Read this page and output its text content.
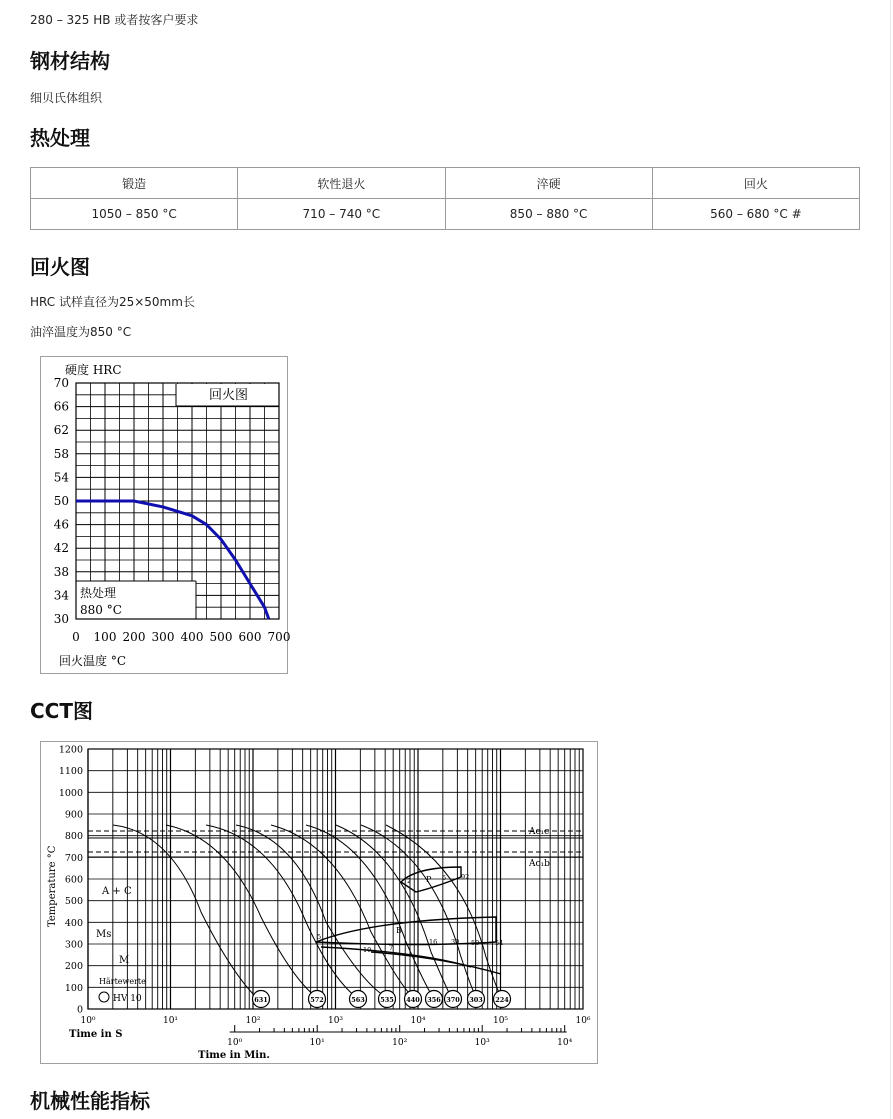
280 – 325 HB 或者按客户要求
钢材结构
细贝氏体组织
热处理
锻造	软性退火	淬硬	回火
1050 – 850 °C	710 – 740 °C	850 – 880 °C	560 – 680 °C #
回火图
HRC 试样直径为25×50mm长
油淬温度为850 °C
回火图
热处理
880 °C
硬度 HRC
70
66
62
58
54
50
46
42
38
34
30
0 100 200 300 400 500 600 700
回火温度 °C
CCT图
Ac₁c
Ac₁b
A + C
Ms
M
P
B
2	5 92
5
10	7
16 30 50 54
Härtewerte
HV 10	631	572	563 535 440 356 370 303 224
1200
1100
1000
900
800
700
600
500
400
300
200
100
0
Temperature °C
10⁰	10¹	10²	10³	10⁴	10⁵	10⁶
Time in S
10⁰	10¹	10²	10³	10⁴
Time in Min.
机械性能指标
